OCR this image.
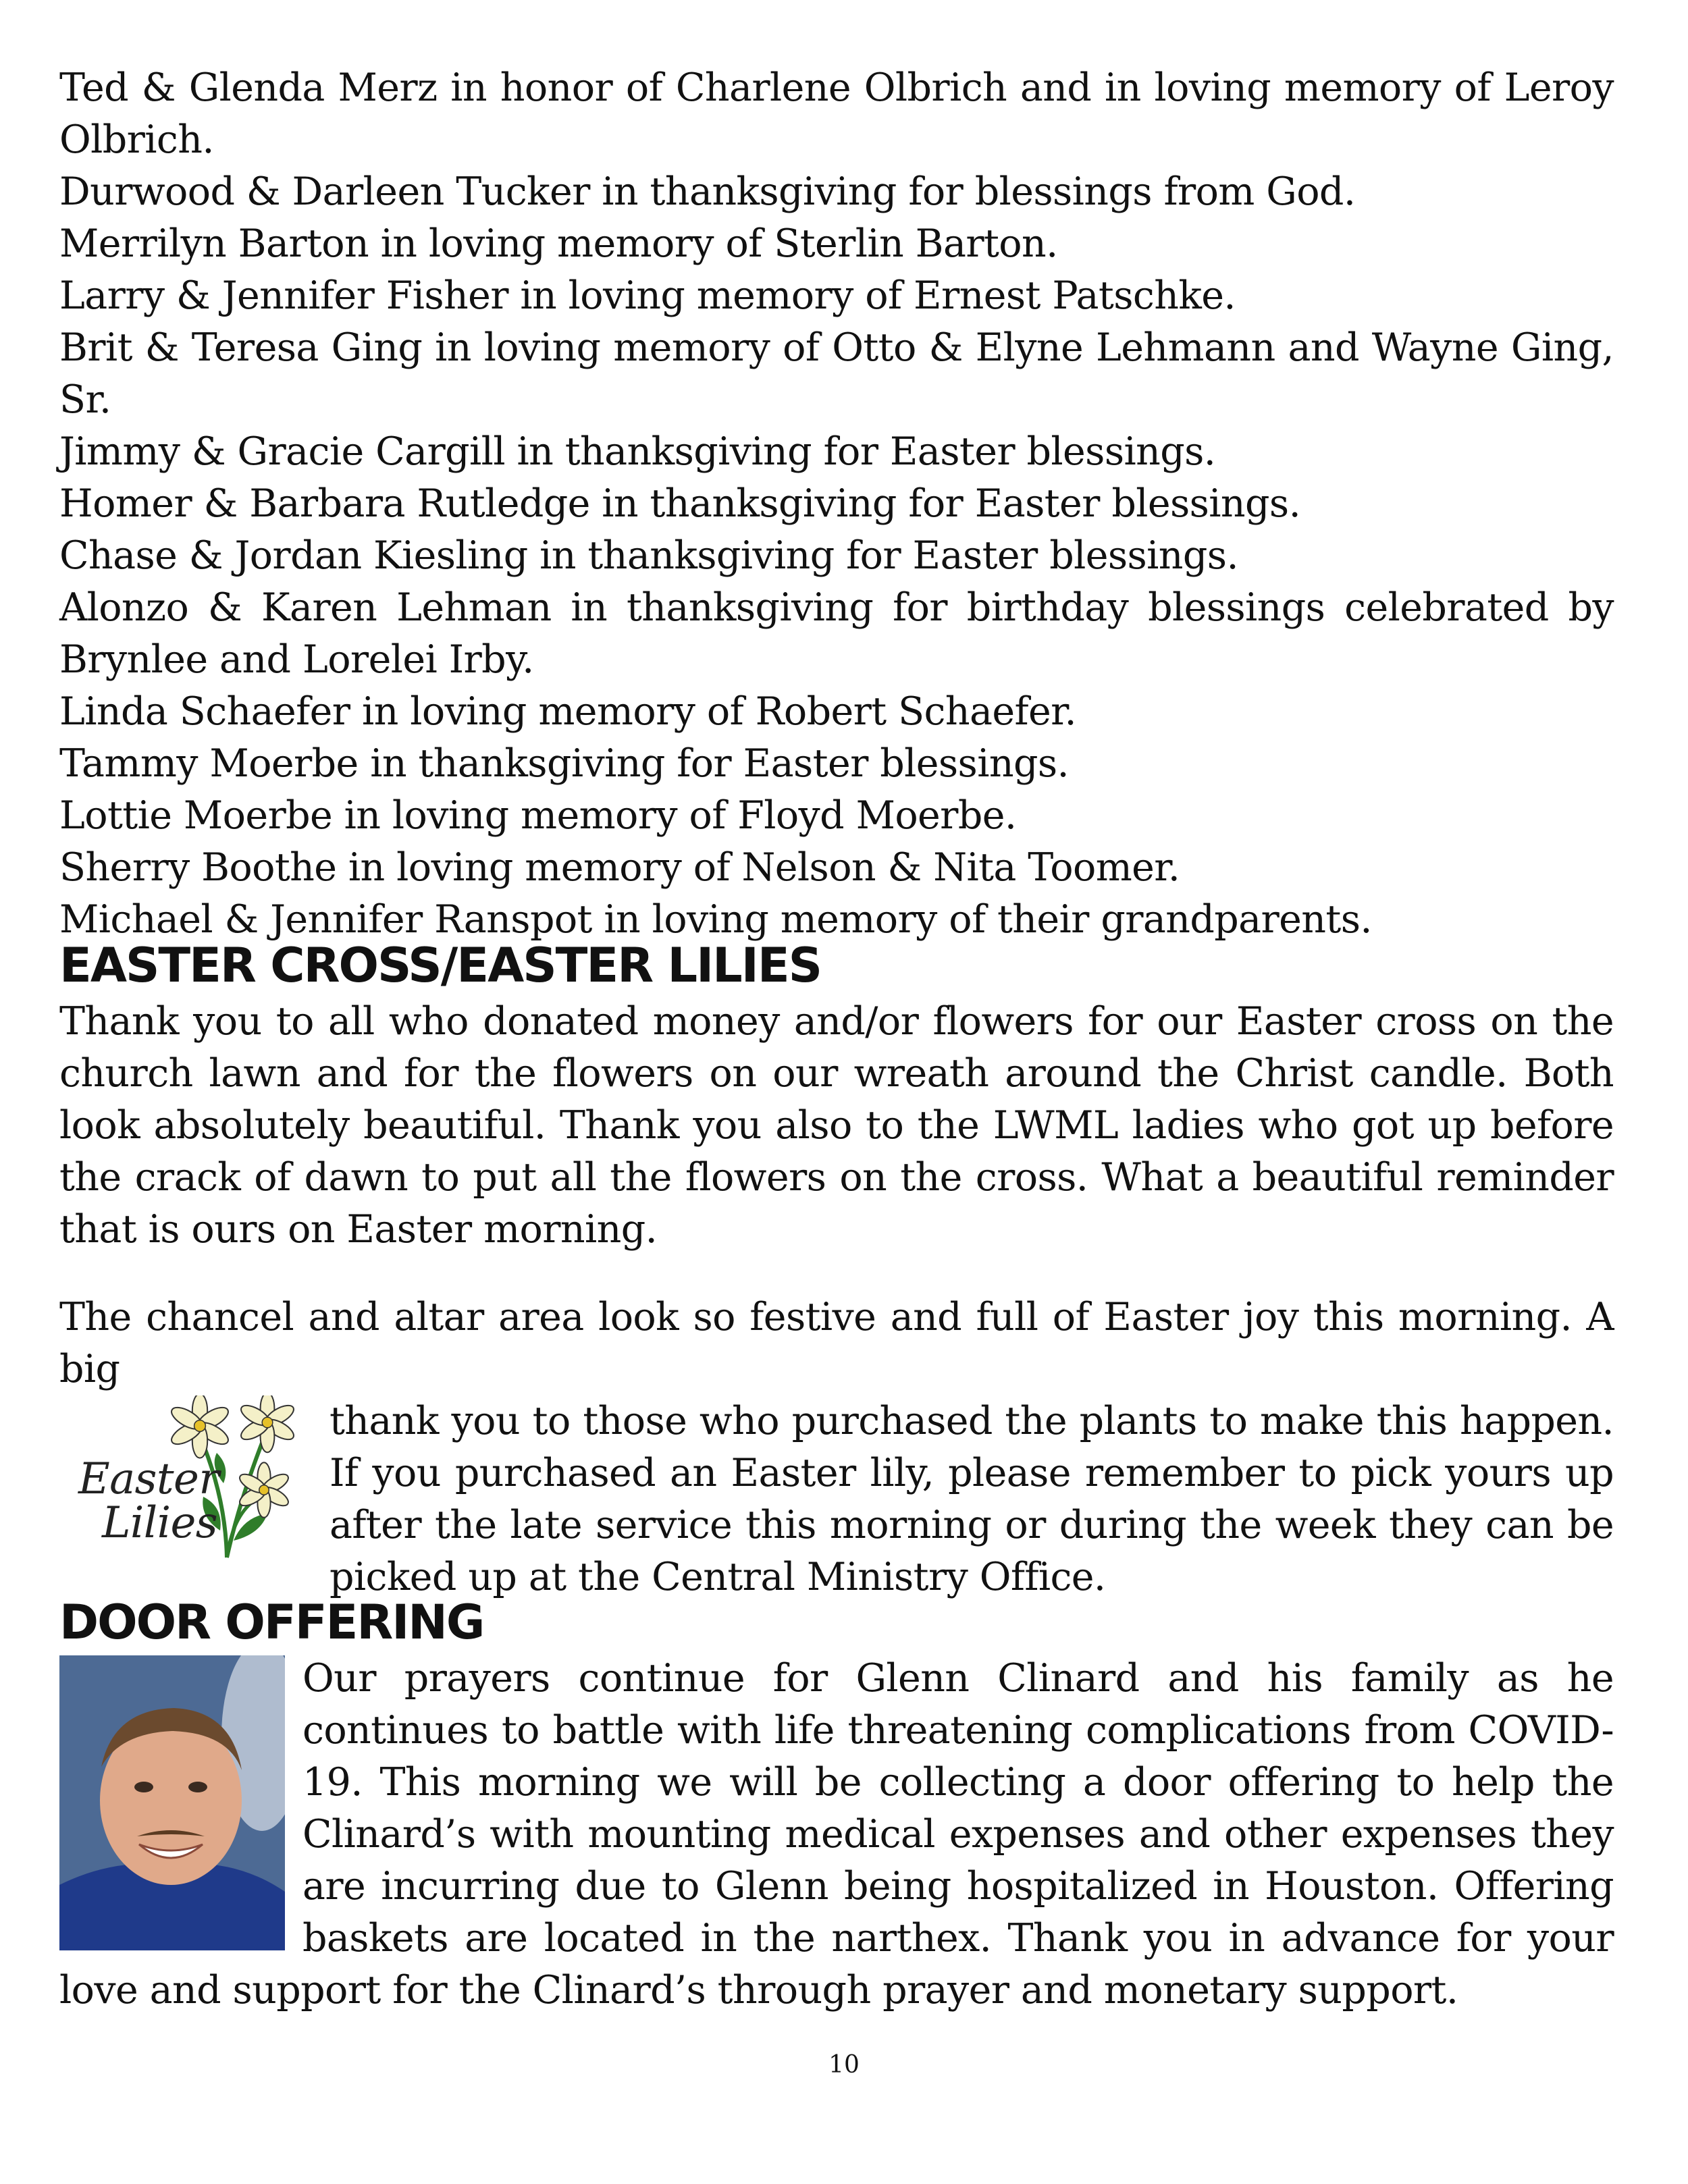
Ted & Glenda Merz in honor of Charlene Olbrich and in loving memory of Leroy Olbrich.

Durwood & Darleen Tucker in thanksgiving for blessings from God.

Merrilyn Barton in loving memory of Sterlin Barton.

Larry & Jennifer Fisher in loving memory of Ernest Patschke.

Brit & Teresa Ging in loving memory of Otto & Elyne Lehmann and Wayne Ging, Sr.

Jimmy & Gracie Cargill in thanksgiving for Easter blessings.

Homer & Barbara Rutledge in thanksgiving for Easter blessings.

Chase & Jordan Kiesling in thanksgiving for Easter blessings.

Alonzo & Karen Lehman in thanksgiving for birthday blessings celebrated by Brynlee and Lorelei Irby.

Linda Schaefer in loving memory of Robert Schaefer.

Tammy Moerbe in thanksgiving for Easter blessings.

Lottie Moerbe in loving memory of Floyd Moerbe.

Sherry Boothe in loving memory of Nelson & Nita Toomer.

Michael & Jennifer Ranspot in loving memory of their grandparents.

EASTER CROSS/EASTER LILIES

Thank you to all who donated money and/or flowers for our Easter cross on the church lawn and for the flowers on our wreath around the Christ candle. Both look absolutely beautiful. Thank you also to the LWML ladies who got up before the crack of dawn to put all the flowers on the cross. What a beautiful reminder that is ours on Easter morning.

The chancel and altar area look so festive and full of Easter joy this morning. A big
Easter
Lilies
thank you to those who purchased the plants to make this happen. If you purchased an Easter lily, please remember to pick yours up after the late service this morning or during the week they can be picked up at the Central Ministry Office.

DOOR OFFERING

Our prayers continue for Glenn Clinard and his family as he continues to battle with life threatening complications from COVID-19. This morning we will be collecting a door offering to help the Clinard’s with mounting medical expenses and other expenses they are incurring due to Glenn being hospitalized in Houston. Offering baskets are located in the narthex. Thank you in advance for your love and support for the Clinard’s through prayer and monetary support.

10
